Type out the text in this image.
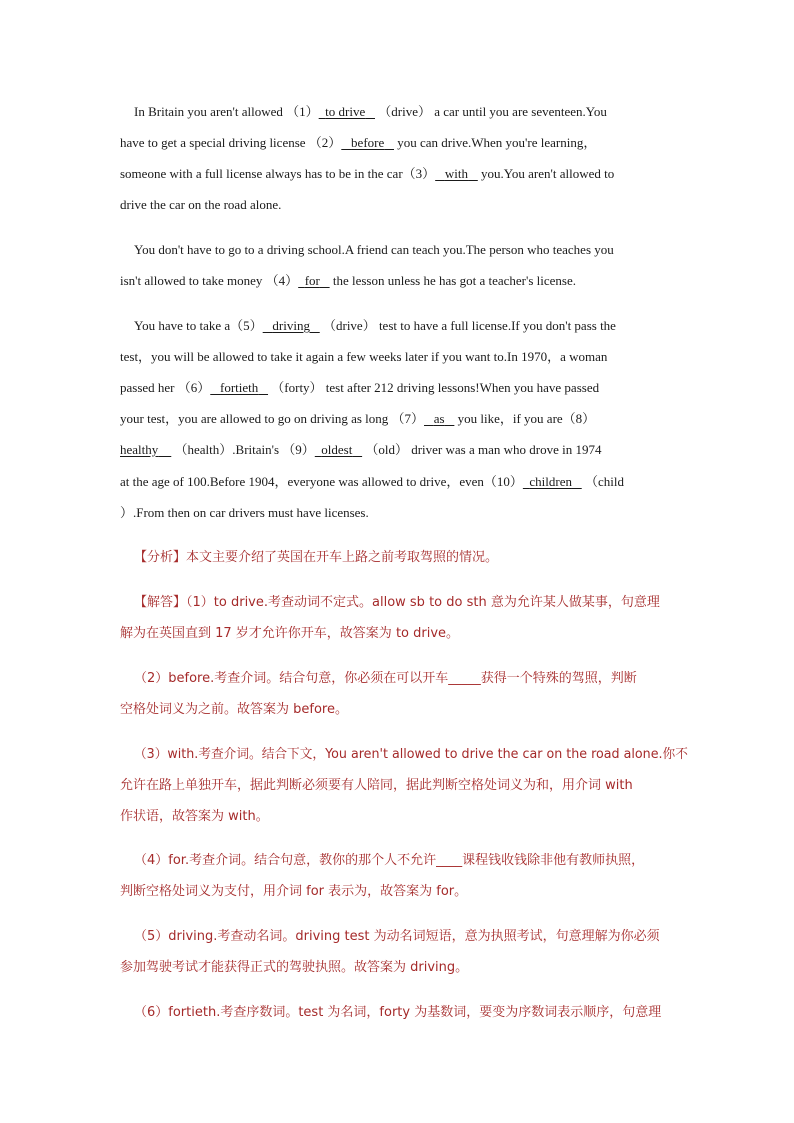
In Britain you aren't allowed （1） to drive （drive） a car until you are seventeen.You
have to get a special driving license （2） before you can drive.When you're learning，
someone with a full license always has to be in the car（3） with you.You aren't allowed to
drive the car on the road alone.
You don't have to go to a driving school.A friend can teach you.The person who teaches you
isn't allowed to take money （4） for the lesson unless he has got a teacher's license.
You have to take a（5） driving （drive） test to have a full license.If you don't pass the
test，you will be allowed to take it again a few weeks later if you want to.In 1970，a woman
passed her （6） fortieth （forty） test after 212 driving lessons!When you have passed
your test，you are allowed to go on driving as long （7） as you like，if you are（8）
healthy （health）.Britain's （9） oldest （old） driver was a man who drove in 1974
at the age of 100.Before 1904，everyone was allowed to drive，even（10） children （child
）.From then on car drivers must have licenses.
【分析】本文主要介绍了英国在开车上路之前考取驾照的情况。
【解答】（1）to drive.考查动词不定式。allow sb to do sth 意为允许某人做某事，句意理
解为在英国直到 17 岁才允许你开车，故答案为 to drive。
（2）before.考查介词。结合句意，你必须在可以开车_____获得一个特殊的驾照，判断
空格处词义为之前。故答案为 before。
（3）with.考查介词。结合下文，You aren't allowed to drive the car on the road alone.你不
允许在路上单独开车，据此判断必须要有人陪同，据此判断空格处词义为和，用介词 with
作状语，故答案为 with。
（4）for.考查介词。结合句意，教你的那个人不允许____课程钱收钱除非他有教师执照，
判断空格处词义为支付，用介词 for 表示为，故答案为 for。
（5）driving.考查动名词。driving test 为动名词短语，意为执照考试，句意理解为你必须
参加驾驶考试才能获得正式的驾驶执照。故答案为 driving。
（6）fortieth.考查序数词。test 为名词，forty 为基数词，要变为序数词表示顺序，句意理
